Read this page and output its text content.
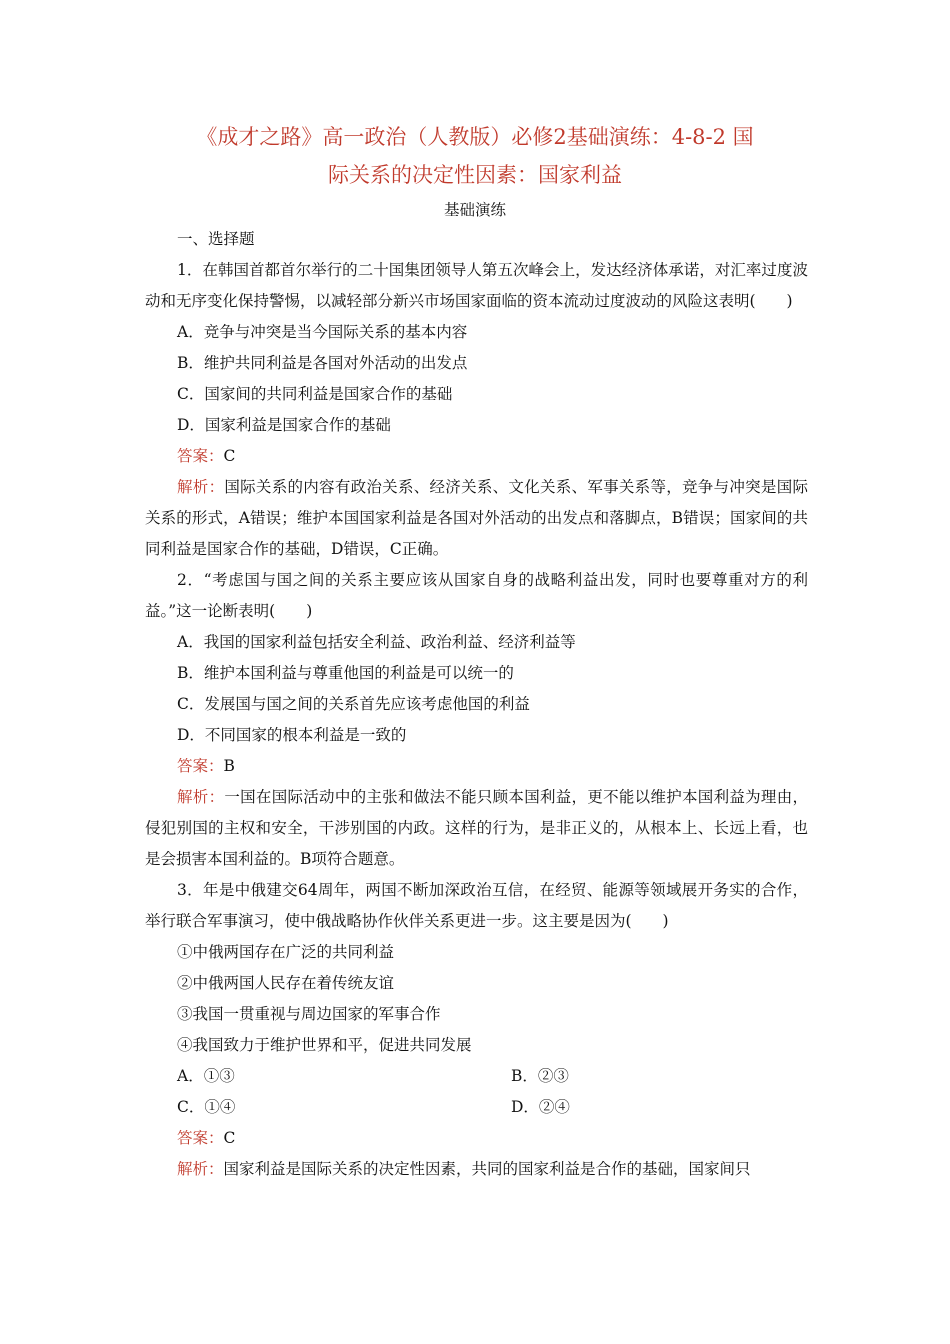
《成才之路》高一政治（人教版）必修2基础演练：4-8-2 国
际关系的决定性因素：国家利益
基础演练
一、选择题
1．在韩国首都首尔举行的二十国集团领导人第五次峰会上，发达经济体承诺，对汇率过度波动和无序变化保持警惕，以减轻部分新兴市场国家面临的资本流动过度波动的风险这表明(　　)
A．竞争与冲突是当今国际关系的基本内容
B．维护共同利益是各国对外活动的出发点
C．国家间的共同利益是国家合作的基础
D．国家利益是国家合作的基础
答案：C
解析：国际关系的内容有政治关系、经济关系、文化关系、军事关系等，竞争与冲突是国际关系的形式，A错误；维护本国国家利益是各国对外活动的出发点和落脚点，B错误；国家间的共同利益是国家合作的基础，D错误，C正确。
2．“考虑国与国之间的关系主要应该从国家自身的战略利益出发，同时也要尊重对方的利益。”这一论断表明(　　)
A．我国的国家利益包括安全利益、政治利益、经济利益等
B．维护本国利益与尊重他国的利益是可以统一的
C．发展国与国之间的关系首先应该考虑他国的利益
D．不同国家的根本利益是一致的
答案：B
解析：一国在国际活动中的主张和做法不能只顾本国利益，更不能以维护本国利益为理由，侵犯别国的主权和安全，干涉别国的内政。这样的行为，是非正义的，从根本上、长远上看，也是会损害本国利益的。B项符合题意。
3．年是中俄建交64周年，两国不断加深政治互信，在经贸、能源等领域展开务实的合作，举行联合军事演习，使中俄战略协作伙伴关系更进一步。这主要是因为(　　)
①中俄两国存在广泛的共同利益
②中俄两国人民存在着传统友谊
③我国一贯重视与周边国家的军事合作
④我国致力于维护世界和平，促进共同发展
A．①③	B．②③
C．①④	D．②④
答案：C
解析：国家利益是国际关系的决定性因素，共同的国家利益是合作的基础，国家间只
